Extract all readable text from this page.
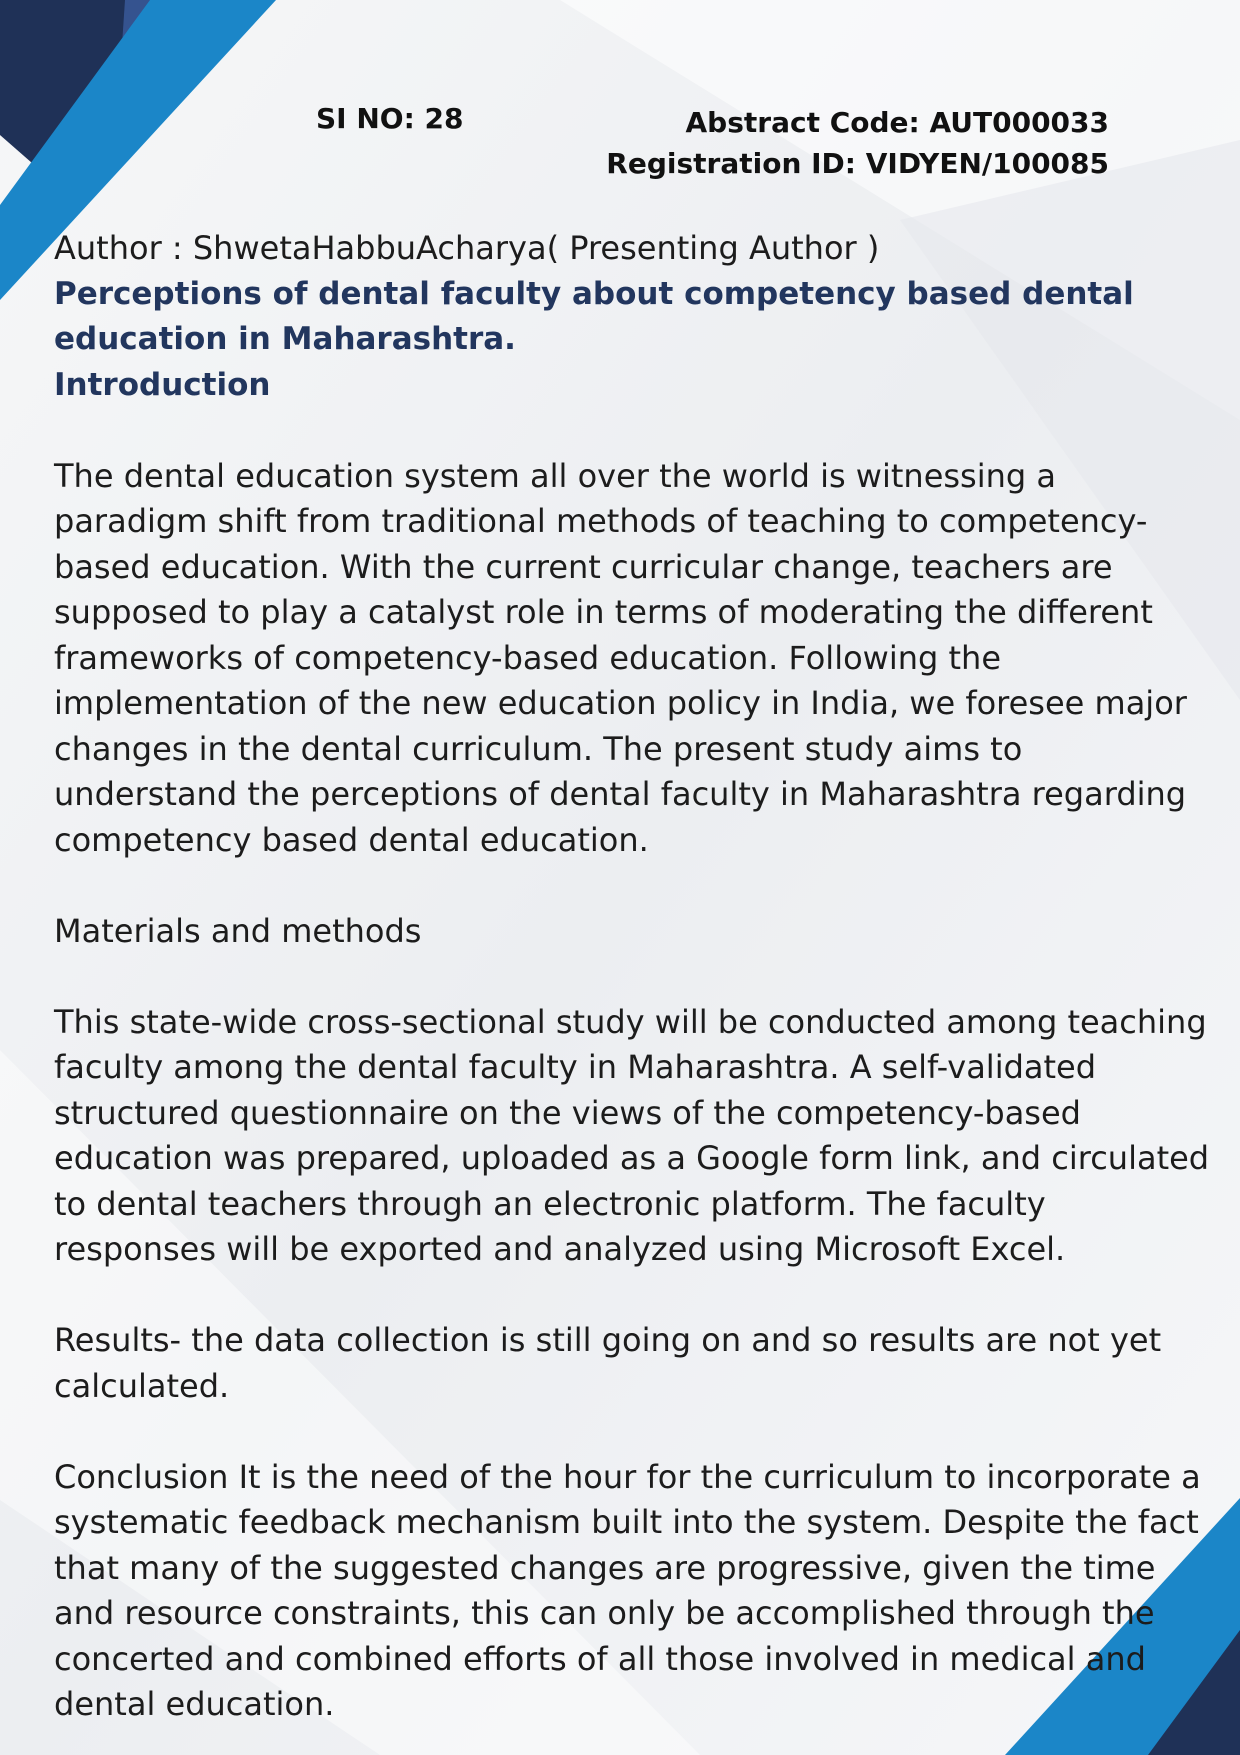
SI NO: 28	Abstract Code: AUT000033
Registration ID: VIDYEN/100085

Author : ShwetaHabbuAcharya( Presenting Author )

Perceptions of dental faculty about competency based dental education in Maharashtra.

Introduction

The dental education system all over the world is witnessing a paradigm shift from traditional methods of teaching to competency-based education. With the current curricular change, teachers are supposed to play a catalyst role in terms of moderating the different frameworks of competency-based education. Following the implementation of the new education policy in India, we foresee major changes in the dental curriculum. The present study aims to understand the perceptions of dental faculty in Maharashtra regarding competency based dental education.

Materials and methods

This state-wide cross-sectional study will be conducted among teaching faculty among the dental faculty in Maharashtra. A self-validated structured questionnaire on the views of the competency-based education was prepared, uploaded as a Google form link, and circulated to dental teachers through an electronic platform. The faculty responses will be exported and analyzed using Microsoft Excel.

Results- the data collection is still going on and so results are not yet calculated.

Conclusion It is the need of the hour for the curriculum to incorporate a systematic feedback mechanism built into the system. Despite the fact that many of the suggested changes are progressive, given the time and resource constraints, this can only be accomplished through the concerted and combined efforts of all those involved in medical and dental education.
